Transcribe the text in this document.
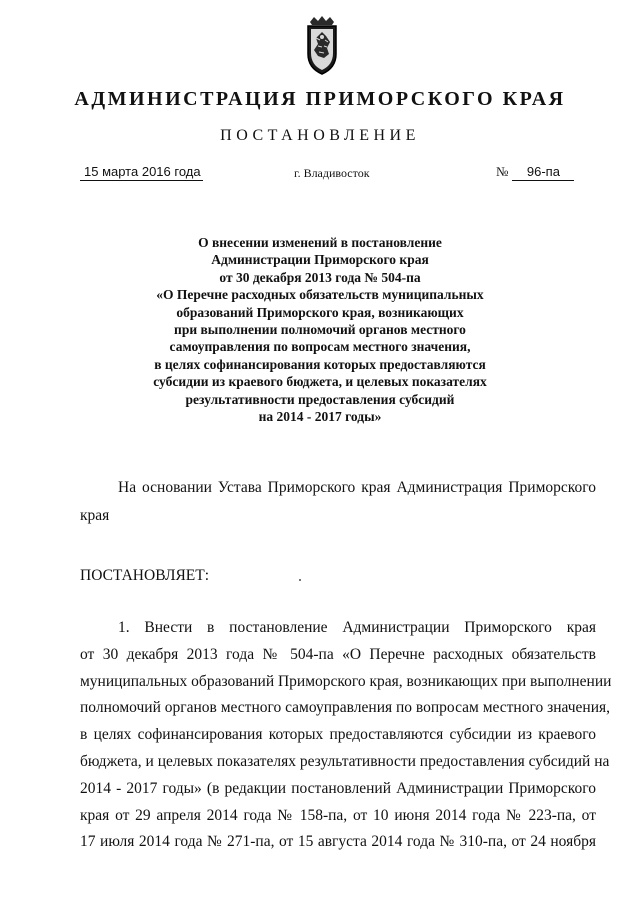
АДМИНИСТРАЦИЯ ПРИМОРСКОГО КРАЯ
ПОСТАНОВЛЕНИЕ
15 марта 2016 года	г. Владивосток	№ 96-па
О внесении изменений в постановление
Администрации Приморского края
от 30 декабря 2013 года № 504-па
«О Перечне расходных обязательств муниципальных
образований Приморского края, возникающих
при выполнении полномочий органов местного
самоуправления по вопросам местного значения,
в целях софинансирования которых предоставляются
субсидии из краевого бюджета, и целевых показателях
результативности предоставления субсидий
на 2014 - 2017 годы»
На основании Устава Приморского края Администрация Приморского
края
ПОСТАНОВЛЯЕТ:
1. Внести в постановление Администрации Приморского края
от 30 декабря 2013 года № 504-па «О Перечне расходных обязательств
муниципальных образований Приморского края, возникающих при выполнении
полномочий органов местного самоуправления по вопросам местного значения,
в целях софинансирования которых предоставляются субсидии из краевого
бюджета, и целевых показателях результативности предоставления субсидий на
2014 - 2017 годы» (в редакции постановлений Администрации Приморского
края от 29 апреля 2014 года № 158-па, от 10 июня 2014 года № 223-па, от
17 июля 2014 года № 271-па, от 15 августа 2014 года № 310-па, от 24 ноября
